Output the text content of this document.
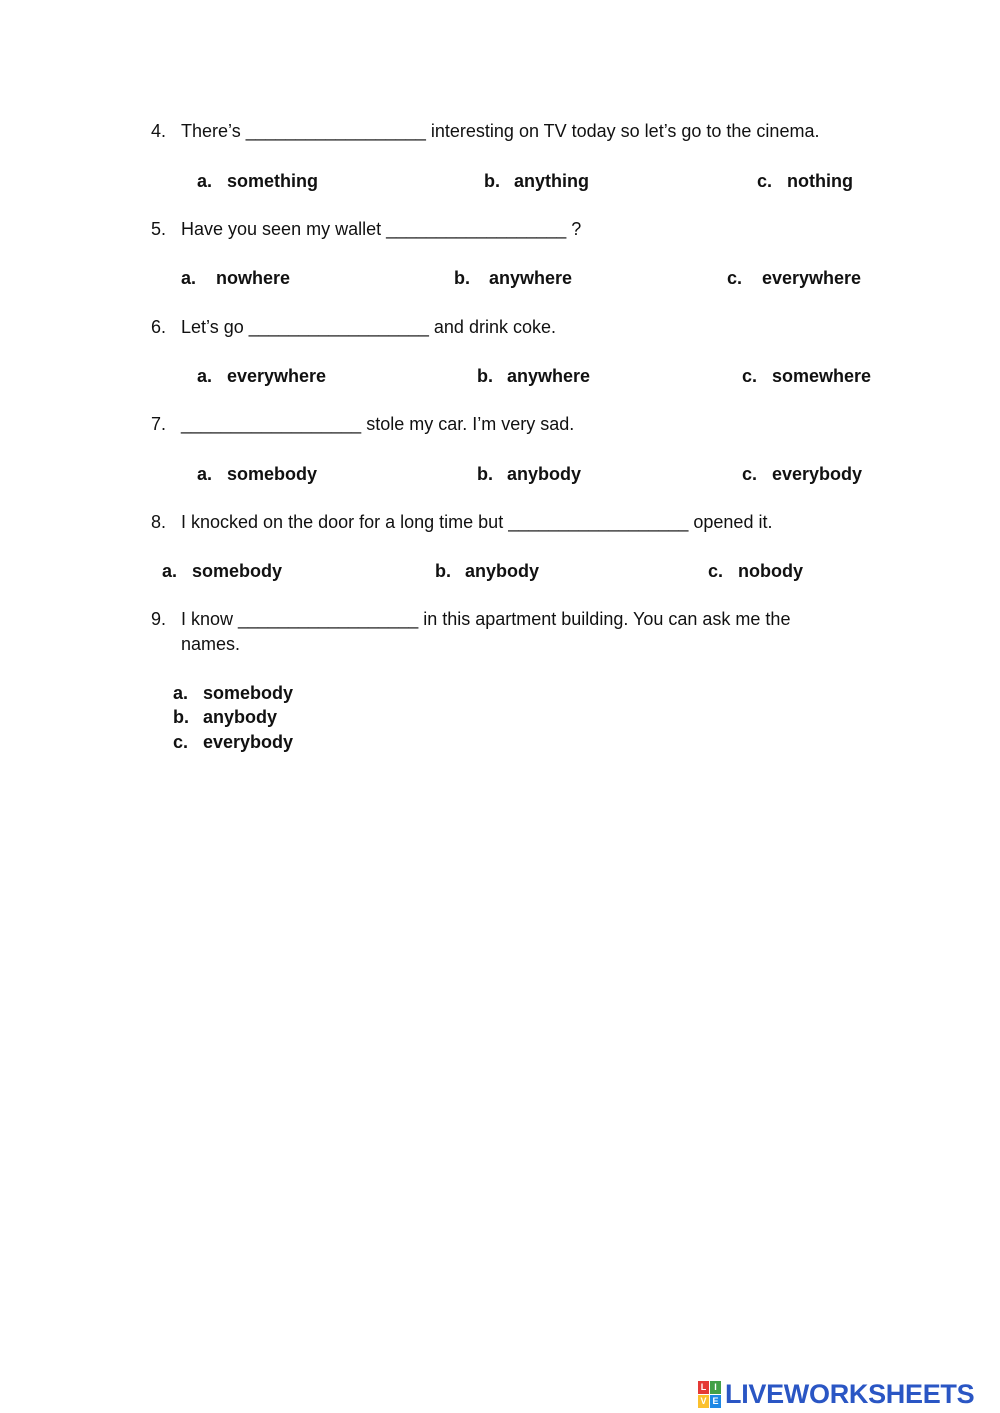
4. There’s __________________ interesting on TV today so let’s go to the cinema.
a. something	b. anything	c. nothing
5. Have you seen my wallet __________________ ?
a. nowhere	b. anywhere	c. everywhere
6. Let’s go __________________ and drink coke.
a. everywhere	b. anywhere	c. somewhere
7. __________________ stole my car. I’m very sad.
a. somebody	b. anybody	c. everybody
8. I knocked on the door for a long time but __________________ opened it.
a. somebody	b. anybody	c. nobody
9. I know __________________ in this apartment building. You can ask me the
names.
a. somebody
b. anybody
c. everybody
L I
V E LIVEWORKSHEETS
